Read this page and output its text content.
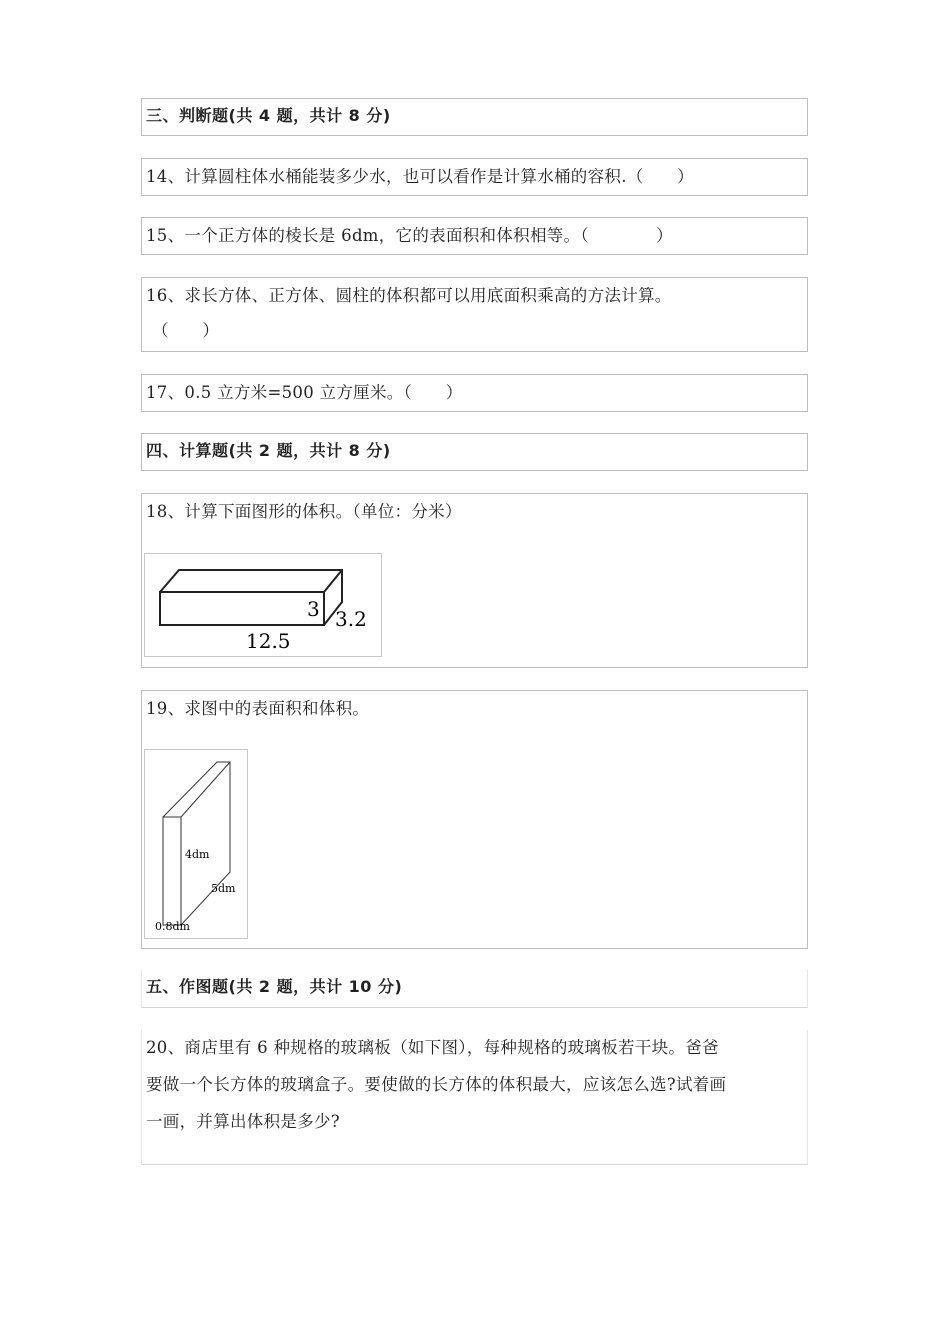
三、判断题(共 4 题，共计 8 分)
14、计算圆柱体水桶能装多少水，也可以看作是计算水桶的容积.（　　）
15、一个正方体的棱长是 6dm，它的表面积和体积相等。（　　　　）
16、求长方体、正方体、圆柱的体积都可以用底面积乘高的方法计算。
（　　）
17、0.5 立方米=500 立方厘米。（　　）
四、计算题(共 2 题，共计 8 分)
18、计算下面图形的体积。（单位：分米）
3 3.2
12.5
19、求图中的表面积和体积。
4dm
5dm
0.8dm
五、作图题(共 2 题，共计 10 分)
20、商店里有 6 种规格的玻璃板（如下图），每种规格的玻璃板若干块。爸爸
要做一个长方体的玻璃盒子。要使做的长方体的体积最大，应该怎么选?试着画
一画，并算出体积是多少?
